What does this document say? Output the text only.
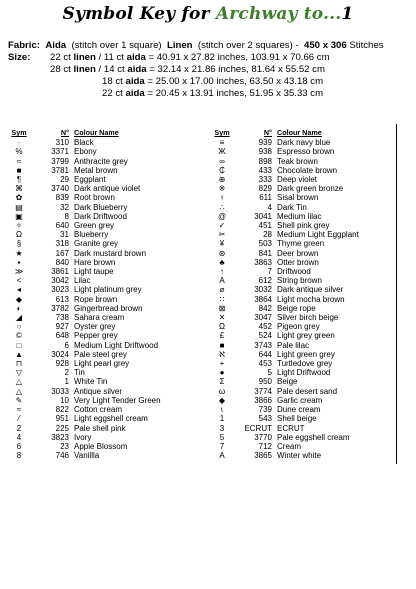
Symbol Key for Archway to...1
Fabric: Aida (stitch over 1 square) Linen (stitch over 2 squares) - 450 x 306 Stitches
Size: 22 ct linen / 11 ct aida = 40.91 x 27.82 inches, 103.91 x 70.66 cm
28 ct linen / 14 ct aida = 32.14 x 21.86 inches, 81.64 x 55.52 cm
18 ct aida = 25.00 x 17.00 inches, 63.50 x 43.18 cm
22 ct aida = 20.45 x 13.91 inches, 51.95 x 35.33 cm
Sym	N° Colour Name
·	310 Black
%	3371 Ebony
≈	3799 Anthracite grey
■	3781 Metal brown
¶	29 Eggplant
⌘	3740 Dark antique violet
✿	839 Root brown
▤	32 Dark Blueberry
▣	8 Dark Driftwood
✧	640 Green grey
Ω	31 Blueberry
§	318 Granite grey
★	167 Dark mustard brown
▪	840 Hare brown
≫	3861 Light taupe
<	3042 Lilac
◂	3023 Light platinum grey
◆	613 Rope brown
◐	3782 Gingerbread brown
◢	738 Sahara cream
○	927 Oyster grey
©	648 Pepper grey
□	6 Medium Light Driftwood
▲	3024 Pale steel grey
⊓	928 Light pearl grey
▽	2 Tin
△	1 White Tin
△	3033 Antique silver
✎	10 Very Light Tender Green
≈	822 Cotton cream
⁄	951 Light eggshell cream
2	225 Pale shell pink
4	3823 Ivory
6	23 Apple Blossom
8	746 Vanillla
Sym	N° Colour Name
≡	939 Dark navy blue
Ж	938 Espresso brown
∞	898 Teak brown
₵	433 Chocolate brown
⊕	333 Deep violet
※	829 Dark green bronze
♀	611 Sisal brown
∴	4 Dark Tin
@	3041 Medium lilac
✓	451 Shell pink grey
✂	28 Medium Light Eggplant
¥	503 Thyme green
⊛	841 Deer brown
♣	3863 Otter brown
↑	7 Driftwood
A	612 String brown
⌀	3032 Dark antique silver
∷	3864 Light mocha brown
⊠	842 Beige rope
✕	3047 Silver birch beige
Ω	452 Pigeon grey
£	524 Light grey green
■	3743 Pale lilac
ℵ	644 Light green grey
+	453 Turtledove grey
●	5 Light Driftwood
Σ	950 Beige
ω	3774 Pale desert sand
◆	3866 Garlic cream
ɩ	739 Dune cream
1	543 Shell beige
3	ECRUT ECRUT
5	3770 Pale eggshell cream
7	712 Cream
A	3865 Winter white
